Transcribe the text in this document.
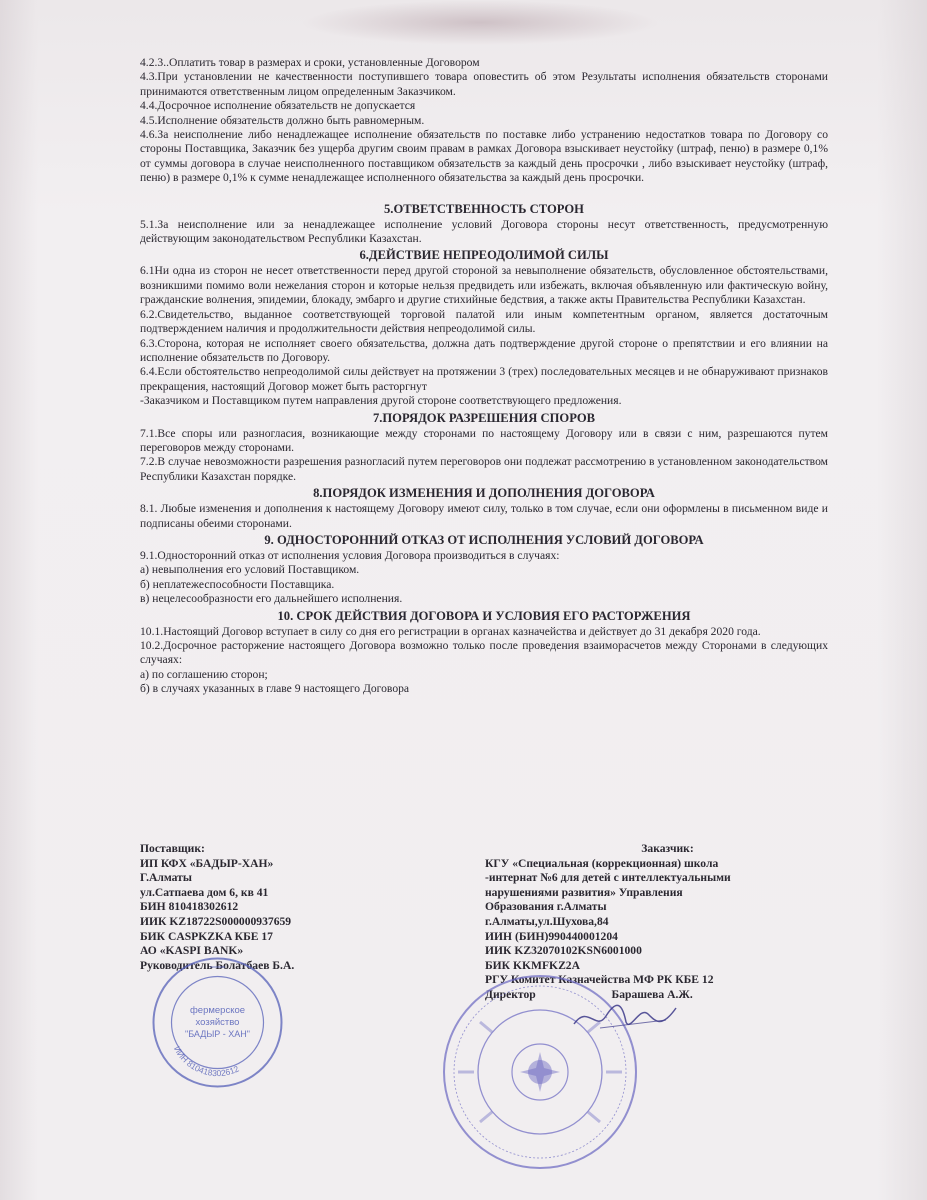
4.2.3..Оплатить товар в размерах и сроки, установленные Договором

4.3.При установлении не качественности поступившего товара оповестить об этом Результаты исполнения обязательств сторонами принимаются ответственным лицом определенным Заказчиком.

4.4.Досрочное исполнение обязательств не допускается

4.5.Исполнение обязательств должно быть равномерным.

4.6.За неисполнение либо ненадлежащее исполнение обязательств по поставке либо устранению недостатков товара по Договору со стороны Поставщика, Заказчик без ущерба другим своим правам в рамках Договора взыскивает неустойку (штраф, пеню) в размере 0,1% от суммы договора в случае неисполненного поставщиком обязательств за каждый день просрочки , либо взыскивает неустойку (штраф, пеню) в размере 0,1% к сумме ненадлежащее исполненного обязательства за каждый день просрочки.

5.ОТВЕТСТВЕННОСТЬ СТОРОН

5.1.За неисполнение или за ненадлежащее исполнение условий Договора стороны несут ответственность, предусмотренную действующим законодательством Республики Казахстан.

6.ДЕЙСТВИЕ НЕПРЕОДОЛИМОЙ СИЛЫ

6.1Ни одна из сторон не несет ответственности перед другой стороной за невыполнение обязательств, обусловленное обстоятельствами, возникшими помимо воли нежелания сторон и которые нельзя предвидеть или избежать, включая объявленную или фактическую войну, гражданские волнения, эпидемии, блокаду, эмбарго и другие стихийные бедствия, а также акты Правительства Республики Казахстан.

6.2.Свидетельство, выданное соответствующей торговой палатой или иным компетентным органом, является достаточным подтверждением наличия и продолжительности действия непреодолимой силы.

6.3.Сторона, которая не исполняет своего обязательства, должна дать подтверждение другой стороне о препятствии и его влиянии на исполнение обязательств по Договору.

6.4.Если обстоятельство непреодолимой силы действует на протяжении 3 (трех) последовательных месяцев и не обнаруживают признаков прекращения, настоящий Договор может быть расторгнут

-Заказчиком и Поставщиком путем направления другой стороне соответствующего предложения.

7.ПОРЯДОК РАЗРЕШЕНИЯ СПОРОВ

7.1.Все споры или разногласия, возникающие между сторонами по настоящему Договору или в связи с ним, разрешаются путем переговоров между сторонами.

7.2.В случае невозможности разрешения разногласий путем переговоров они подлежат рассмотрению в установленном законодательством Республики Казахстан порядке.

8.ПОРЯДОК ИЗМЕНЕНИЯ И ДОПОЛНЕНИЯ ДОГОВОРА

8.1. Любые изменения и дополнения к настоящему Договору имеют силу, только в том случае, если они оформлены в письменном виде и подписаны обеими сторонами.

9. ОДНОСТОРОННИЙ ОТКАЗ ОТ ИСПОЛНЕНИЯ УСЛОВИЙ ДОГОВОРА

9.1.Односторонний отказ от исполнения условия Договора производиться в случаях:

а) невыполнения его условий Поставщиком.

б) неплатежеспособности Поставщика.

в) нецелесообразности его дальнейшего исполнения.

10. СРОК ДЕЙСТВИЯ ДОГОВОРА И УСЛОВИЯ ЕГО РАСТОРЖЕНИЯ

10.1.Настоящий Договор вступает в силу со дня его регистрации в органах казначейства и действует до 31 декабря 2020 года.

10.2.Досрочное расторжение настоящего Договора возможно только после проведения взаиморасчетов между Сторонами в следующих случаях:

а) по соглашению сторон;

б) в случаях указанных в главе 9 настоящего Договора

Поставщик:
ИП КФХ «БАДЫР-ХАН»
Г.Алматы
ул.Сатпаева дом 6, кв 41
БИН 810418302612
ИИК KZ18722S000000937659
БИК CASPKZKA КБЕ 17
АО «KASPI BANK»
Руководитель Болатбаев Б.А.
Заказчик:
КГУ «Специальная (коррекционная) школа
-интернат №6 для детей с интеллектуальными
нарушениями развития» Управления
Образования г.Алматы
г.Алматы,ул.Шухова,84
ИИН (БИН)990440001204
ИИК KZ32070102KSN6001000
БИК KKMFKZ2A
РГУ Комитет Казначейства МФ РК КБЕ 12
Директор	Барашева А.Ж.
ИИН 810418302612
фермерское
хозяйство
"БАДЫР - ХАН"
